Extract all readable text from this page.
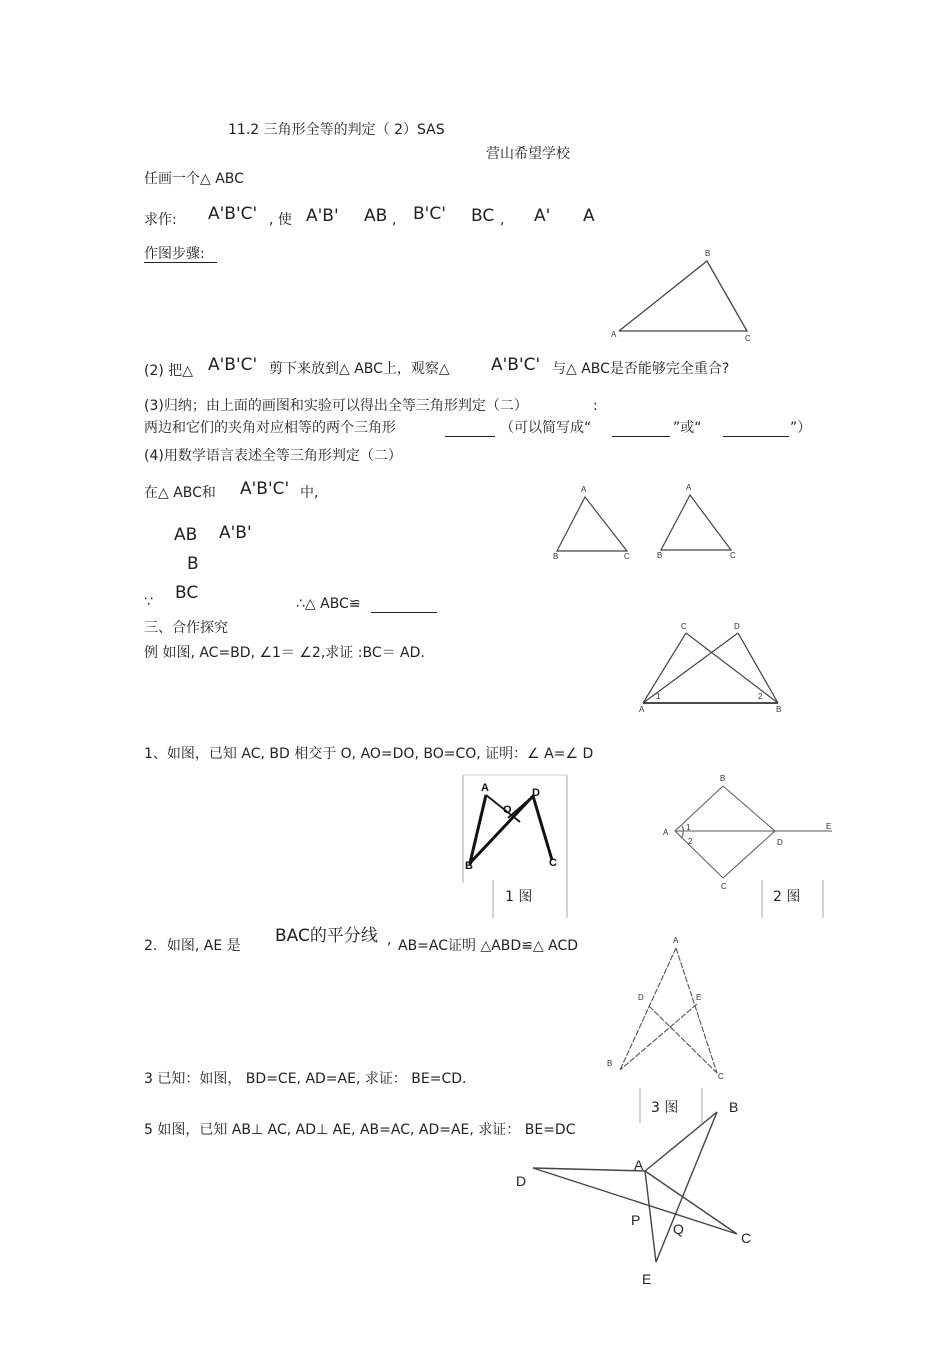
11.2 三角形全等的判定（ 2）SAS
营山希望学校
任画一个△ ABC
求作: A'B'C' , 使 A'B' AB , B'C' BC , A' A
作图步骤:
(2) 把△ A'B'C' 剪下来放到△ ABC上，观察△ A'B'C' 与△ ABC是否能够完全重合?
(3)归纳；由上面的画图和实验可以得出全等三角形判定（二）	:
两边和它们的夹角对应相等的两个三角形	（可以简写成“	”或“	”）
(4)用数学语言表述全等三角形判定（二）
在△ ABC和 A'B'C' 中,
AB A'B'
B
∵ BC
∴△ ABC≌
三、合作探究
例 如图, AC=BD, ∠1＝ ∠2,求证 :BC＝ AD.
1、如图，已知 AC, BD 相交于 O, AO=DO, BO=CO, 证明：∠ A=∠ D
2．如图, AE 是 BAC的平分线 , AB=AC证明 △ABD≌△ ACD
3 已知：如图， BD=CE, AD=AE, 求证： BE=CD.
5 如图，已知 AB⊥ AC, AD⊥ AE, AB=AC, AD=AE, 求证： BE=DC
A
B
C
A
B	C
A
B	C
C	D
A	B
1	2
A
O
D
B	C
B
A
1
2	D
E
C
A
D	E
B
C
B
A
D
P
Q
C
E
1 图	2 图
3 图
